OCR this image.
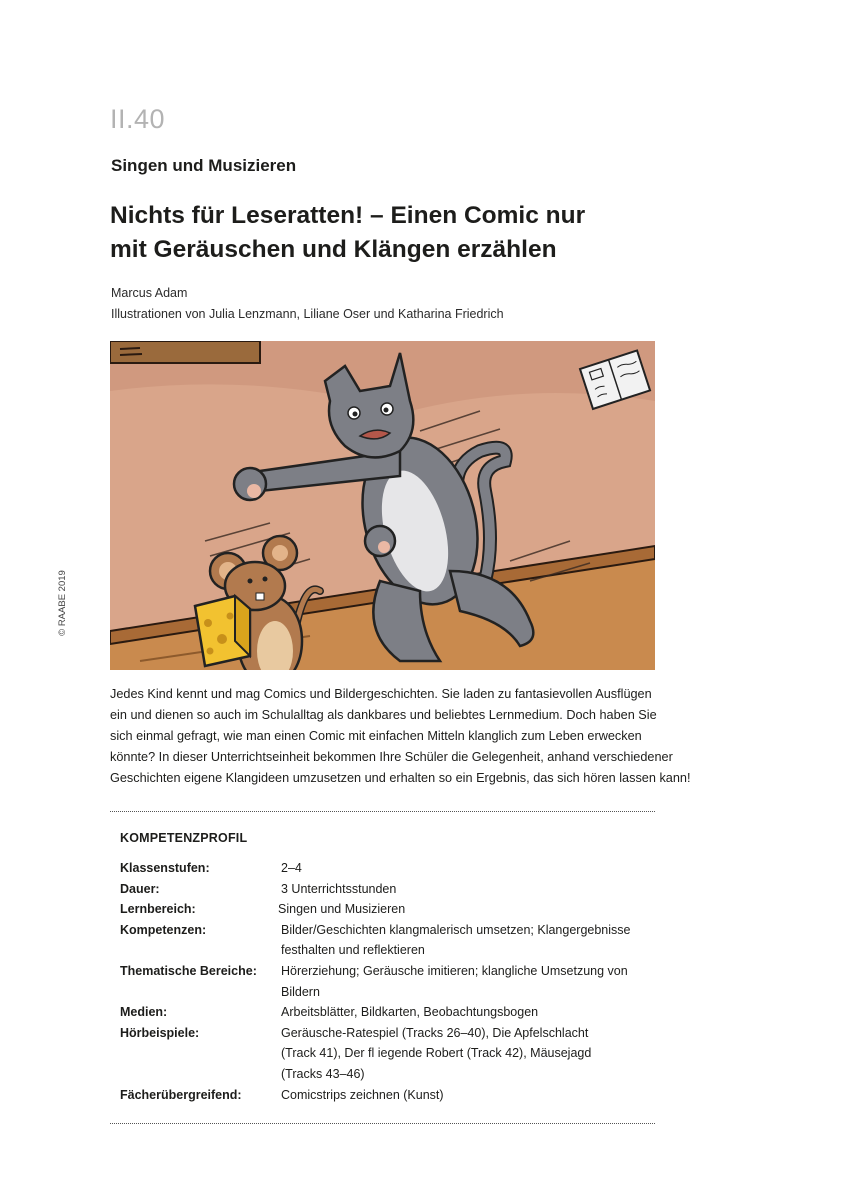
II.40
Singen und Musizieren
Nichts für Leseratten! – Einen Comic nur
mit Geräuschen und Klängen erzählen
Marcus Adam
Illustrationen von Julia Lenzmann, Liliane Oser und Katharina Friedrich
© RAABE 2019

Jedes Kind kennt und mag Comics und Bildergeschichten. Sie laden zu fantasievollen Ausflügen
ein und dienen so auch im Schulalltag als dankbares und beliebtes Lernmedium. Doch haben Sie
sich einmal gefragt, wie man einen Comic mit einfachen Mitteln klanglich zum Leben erwecken
könnte? In dieser Unterrichtseinheit bekommen Ihre Schüler die Gelegenheit, anhand verschiedener
Geschichten eigene Klangideen umzusetzen und erhalten so ein Ergebnis, das sich hören lassen kann!

KOMPETENZPROFIL
Klassenstufen:	2–4
Dauer:	3 Unterrichtsstunden
Lernbereich:	Singen und Musizieren
Kompetenzen:	Bilder/Geschichten klangmalerisch umsetzen; Klangergebnisse
festhalten und reflektieren
Thematische Bereiche:	Hörerziehung; Geräusche imitieren; klangliche Umsetzung von
Bildern
Medien:	Arbeitsblätter, Bildkarten, Beobachtungsbogen
Hörbeispiele:	Geräusche-Ratespiel (Tracks 26–40), Die Apfelschlacht
(Track 41), Der fl iegende Robert (Track 42), Mäusejagd
(Tracks 43–46)
Fächerübergreifend:	Comicstrips zeichnen (Kunst)
